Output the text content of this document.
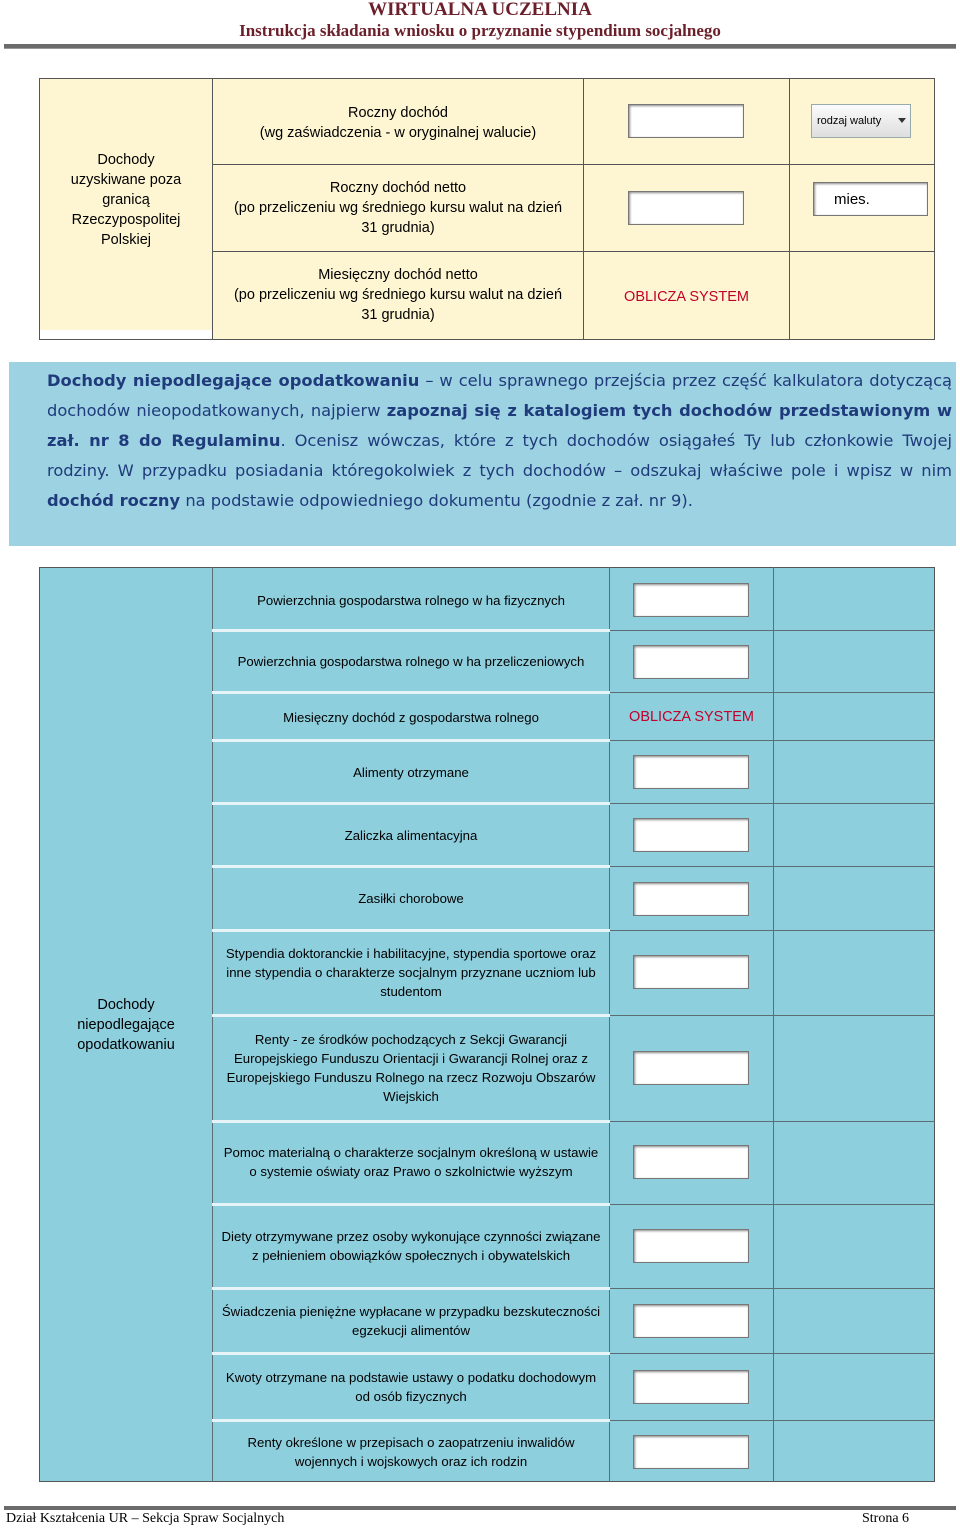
WIRTUALNA UCZELNIA
Instrukcja składania wniosku o przyznanie stypendium socjalnego
Dochody uzyskiwane poza granicą Rzeczypospolitej Polskiej
Roczny dochód
(wg zaświadczenia - w oryginalnej walucie)
Roczny dochód netto
(po przeliczeniu wg średniego kursu walut na dzień
31 grudnia)
Miesięczny dochód netto
(po przeliczeniu wg średniego kursu walut na dzień
31 grudnia)
OBLICZA SYSTEM
rodzaj waluty
mies.
Dochody niepodlegające opodatkowaniu – w celu sprawnego przejścia przez część kalkulatora dotyczącą dochodów nieopodatkowanych, najpierw zapoznaj się z katalogiem tych dochodów przedstawionym w zał. nr 8 do Regulaminu. Ocenisz wówczas, które z tych dochodów osiągałeś Ty lub członkowie Twojej rodziny. W przypadku posiadania któregokolwiek z tych dochodów – odszukaj właściwe pole i wpisz w nim dochód roczny na podstawie odpowiedniego dokumentu (zgodnie z zał. nr 9).
Dochody niepodlegające opodatkowaniu
Powierzchnia gospodarstwa rolnego w ha fizycznych
Powierzchnia gospodarstwa rolnego w ha przeliczeniowych
Miesięczny dochód z gospodarstwa rolnego	OBLICZA SYSTEM
Alimenty otrzymane
Zaliczka alimentacyjna
Zasiłki chorobowe
Stypendia doktoranckie i habilitacyjne, stypendia sportowe oraz inne stypendia o charakterze socjalnym przyznane uczniom lub studentom
Renty - ze środków pochodzących z Sekcji Gwarancji Europejskiego Funduszu Orientacji i Gwarancji Rolnej oraz z Europejskiego Funduszu Rolnego na rzecz Rozwoju Obszarów Wiejskich
Pomoc materialną o charakterze socjalnym określoną w ustawie o systemie oświaty oraz Prawo o szkolnictwie wyższym
Diety otrzymywane przez osoby wykonujące czynności związane z pełnieniem obowiązków społecznych i obywatelskich
Świadczenia pieniężne wypłacane w przypadku bezskuteczności egzekucji alimentów
Kwoty otrzymane na podstawie ustawy o podatku dochodowym od osób fizycznych
Renty określone w przepisach o zaopatrzeniu inwalidów wojennych i wojskowych oraz ich rodzin
Dział Kształcenia UR – Sekcja Spraw Socjalnych	Strona 6
